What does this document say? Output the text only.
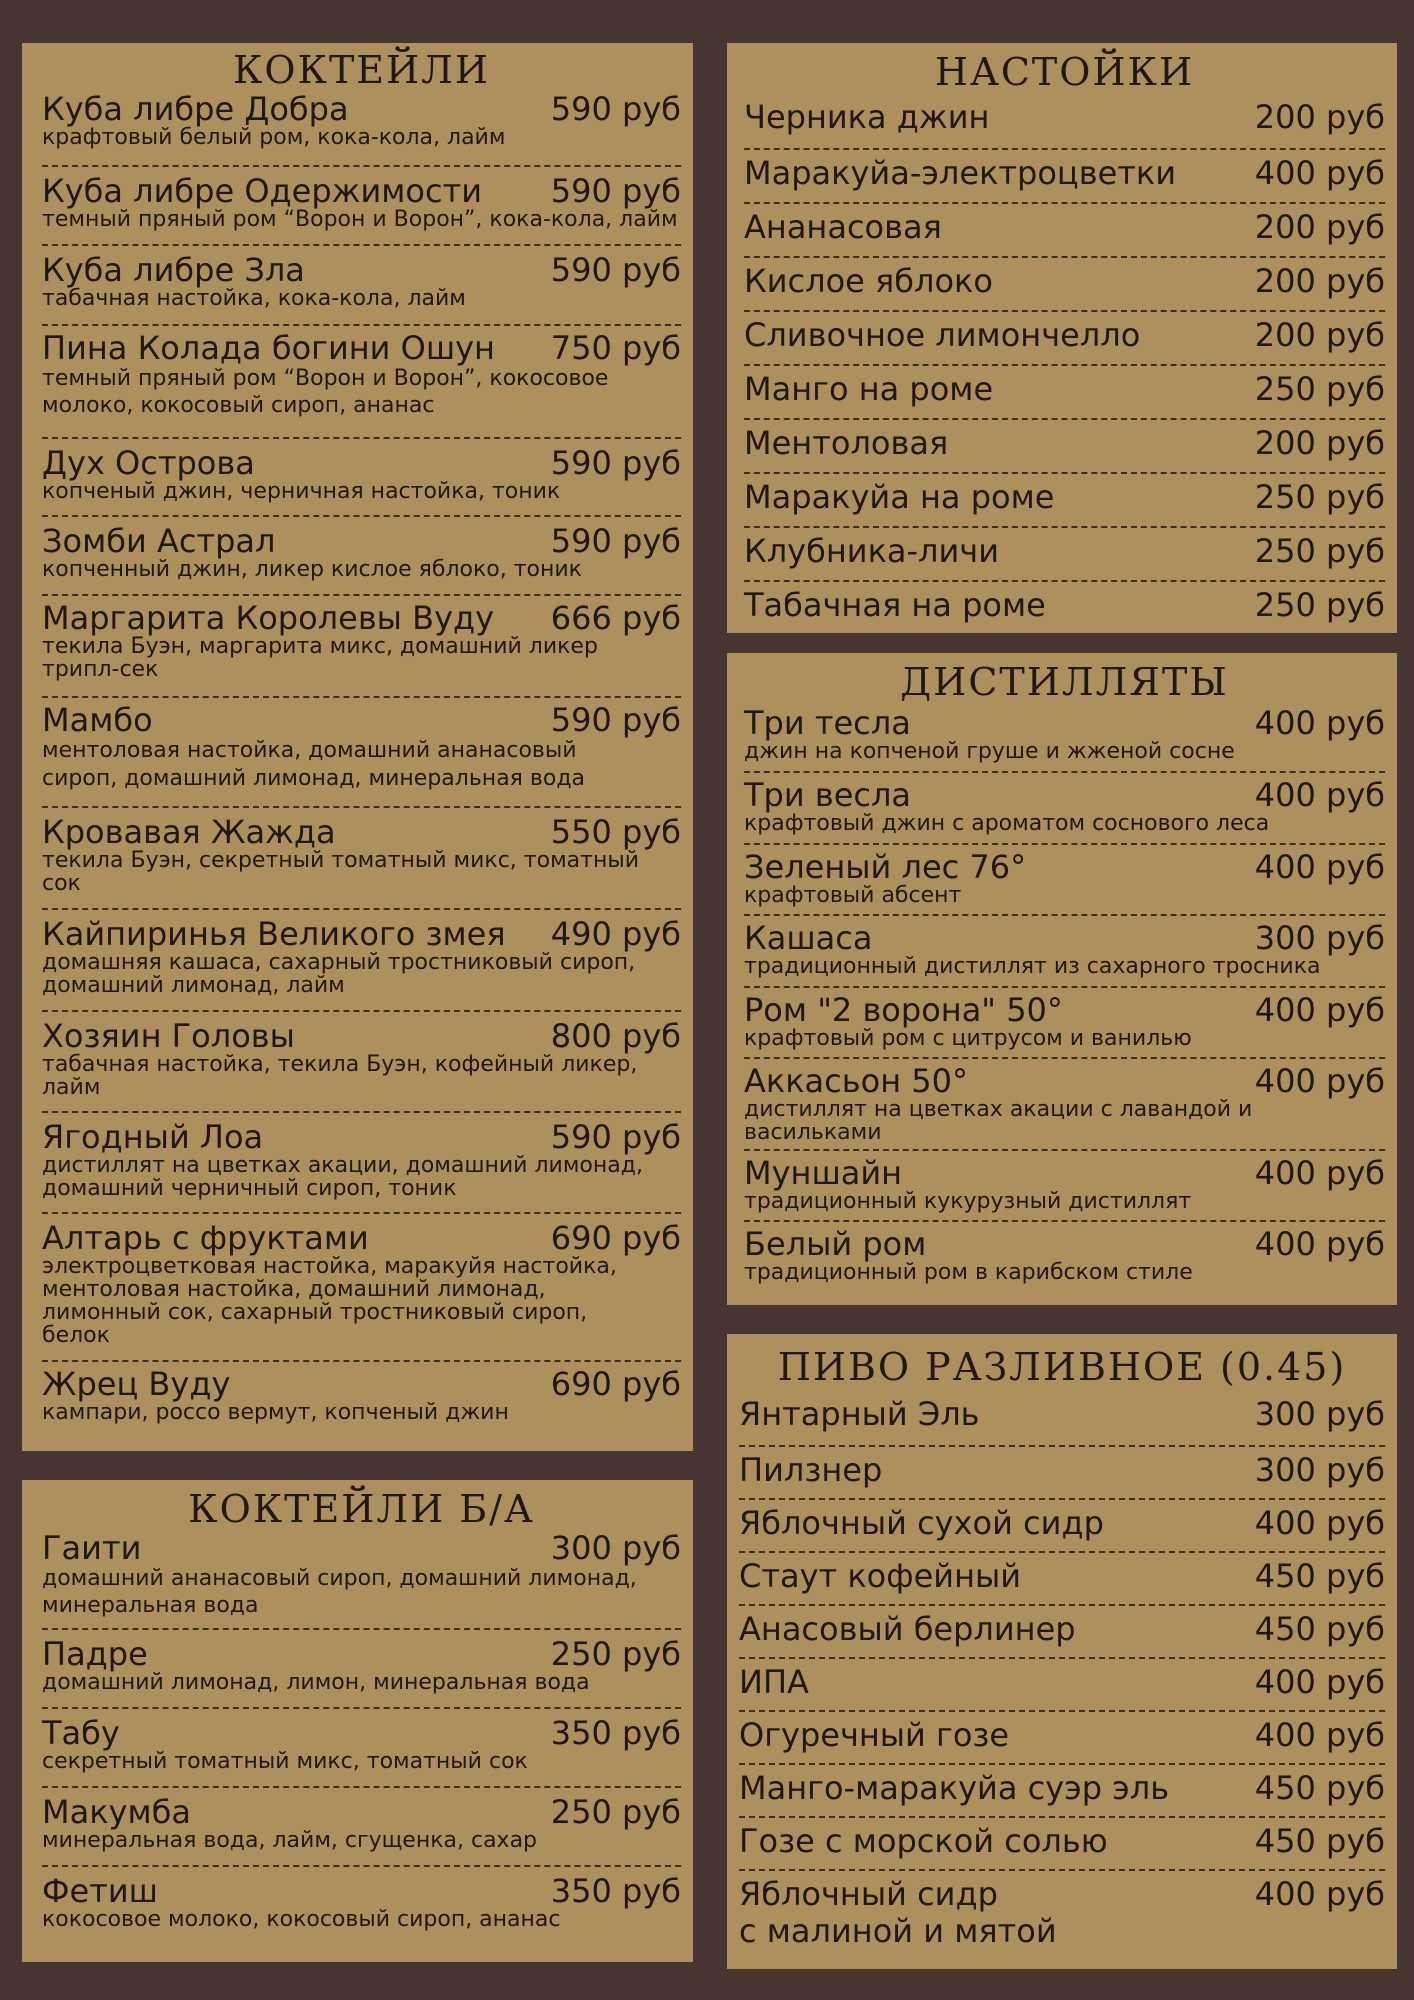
КОКТЕЙЛИ
Куба либре Добра	590 руб
крафтовый белый ром, кока-кола, лайм
Куба либре Одержимости	590 руб
темный пряный ром “Ворон и Ворон”, кока-кола, лайм
Куба либре Зла	590 руб
табачная настойка, кока-кола, лайм
Пина Колада богини Ошун	750 руб
темный пряный ром “Ворон и Ворон”, кокосовое молоко, кокосовый сироп, ананас
Дух Острова	590 руб
копченый джин, черничная настойка, тоник
Зомби Астрал	590 руб
копченный джин, ликер кислое яблоко, тоник
Маргарита Королевы Вуду	666 руб
текила Буэн, маргарита микс, домашний ликер трипл-сек
Мамбо	590 руб
ментоловая настойка, домашний ананасовый сироп, домашний лимонад, минеральная вода
Кровавая Жажда	550 руб
текила Буэн, секретный томатный микс, томатный сок
Кайпиринья Великого змея	490 руб
домашняя кашаса, сахарный тростниковый сироп, домашний лимонад, лайм
Хозяин Головы	800 руб
табачная настойка, текила Буэн, кофейный ликер, лайм
Ягодный Лоа	590 руб
дистиллят на цветках акации, домашний лимонад, домашний черничный сироп, тоник
Алтарь с фруктами	690 руб
электроцветковая настойка, маракуйя настойка, ментоловая настойка, домашний лимонад, лимонный сок, сахарный тростниковый сироп, белок
Жрец Вуду	690 руб
кампари, россо вермут, копченый джин
НАСТОЙКИ
Черника джин	200 руб
Маракуйа-электроцветки	400 руб
Ананасовая	200 руб
Кислое яблоко	200 руб
Сливочное лимончелло	200 руб
Манго на роме	250 руб
Ментоловая	200 руб
Маракуйа на роме	250 руб
Клубника-личи	250 руб
Табачная на роме	250 руб
ДИСТИЛЛЯТЫ
Три тесла	400 руб
джин на копченой груше и жженой сосне
Три весла	400 руб
крафтовый джин с ароматом соснового леса
Зеленый лес 76°	400 руб
крафтовый абсент
Кашаса	300 руб
традиционный дистиллят из сахарного тросника
Ром "2 ворона" 50°	400 руб
крафтовый ром с цитрусом и ванилью
Аккасьон 50°	400 руб
дистиллят на цветках акации с лавандой и васильками
Муншайн	400 руб
традиционный кукурузный дистиллят
Белый ром	400 руб
традиционный ром в карибском стиле
КОКТЕЙЛИ Б/А
Гаити	300 руб
домашний ананасовый сироп, домашний лимонад, минеральная вода
Падре	250 руб
домашний лимонад, лимон, минеральная вода
Табу	350 руб
секретный томатный микс, томатный сок
Макумба	250 руб
минеральная вода, лайм, сгущенка, сахар
Фетиш	350 руб
кокосовое молоко, кокосовый сироп, ананас
ПИВО РАЗЛИВНОЕ (0.45)
Янтарный Эль	300 руб
Пилзнер	300 руб
Яблочный сухой сидр	400 руб
Стаут кофейный	450 руб
Анасовый берлинер	450 руб
ИПА	400 руб
Огуречный гозе	400 руб
Манго-маракуйа суэр эль	450 руб
Гозе с морской солью	450 руб
Яблочный сидр	400 руб
с малиной и мятой
